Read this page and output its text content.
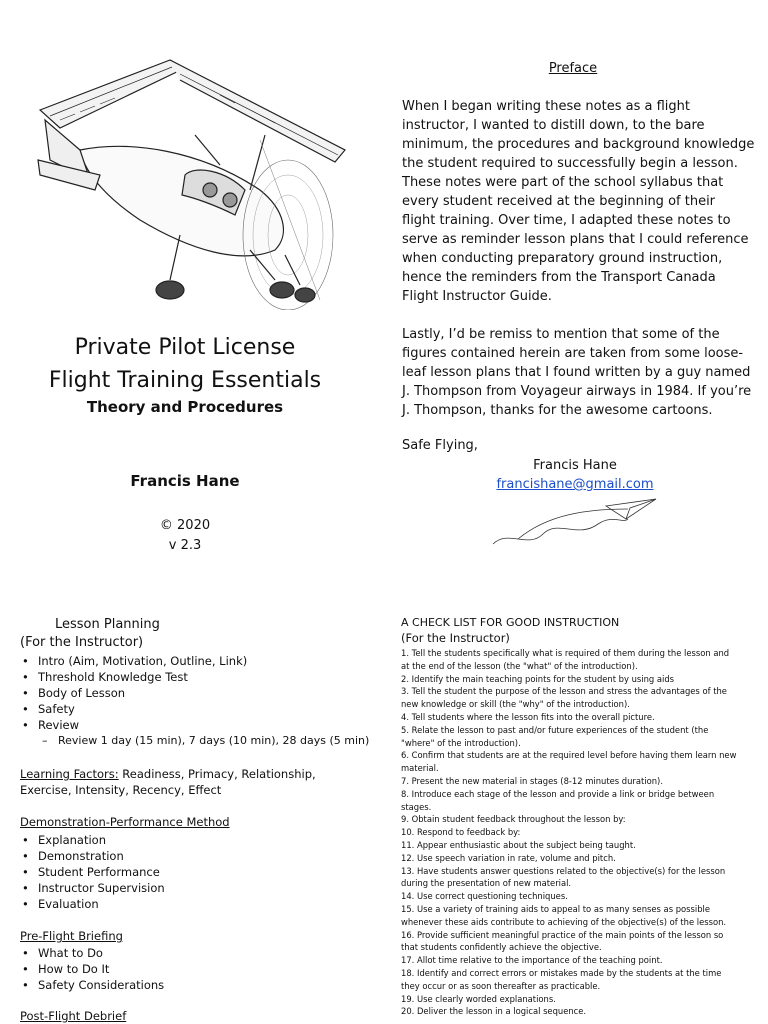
Private Pilot License
Flight Training Essentials
Theory and Procedures
Francis Hane
© 2020
v 2.3
Preface
When I began writing these notes as a flight
instructor, I wanted to distill down, to the bare
minimum, the procedures and background knowledge
the student required to successfully begin a lesson.
These notes were part of the school syllabus that
every student received at the beginning of their
flight training. Over time, I adapted these notes to
serve as reminder lesson plans that I could reference
when conducting preparatory ground instruction,
hence the reminders from the Transport Canada
Flight Instructor Guide.
Lastly, I’d be remiss to mention that some of the
figures contained herein are taken from some loose-
leaf lesson plans that I found written by a guy named
J. Thompson from Voyageur airways in 1984. If you’re
J. Thompson, thanks for the awesome cartoons.
Safe Flying,
Francis Hane
francishane@gmail.com
Lesson Planning
(For the Instructor)
• Intro (Aim, Motivation, Outline, Link)
• Threshold Knowledge Test
• Body of Lesson
• Safety
• Review
– Review 1 day (15 min), 7 days (10 min), 28 days (5 min)
Learning Factors: Readiness, Primacy, Relationship, Exercise, Intensity, Recency, Effect
Demonstration-Performance Method
• Explanation
• Demonstration
• Student Performance
• Instructor Supervision
• Evaluation
Pre-Flight Briefing
• What to Do
• How to Do It
• Safety Considerations
Post-Flight Debrief
A CHECK LIST FOR GOOD INSTRUCTION
(For the Instructor)
1. Tell the students specifically what is required of them during the lesson and
at the end of the lesson (the "what" of the introduction).
2. Identify the main teaching points for the student by using aids
3. Tell the student the purpose of the lesson and stress the advantages of the
new knowledge or skill (the "why" of the introduction).
4. Tell students where the lesson fits into the overall picture.
5. Relate the lesson to past and/or future experiences of the student (the
"where" of the introduction).
6. Confirm that students are at the required level before having them learn new
material.
7. Present the new material in stages (8-12 minutes duration).
8. Introduce each stage of the lesson and provide a link or bridge between
stages.
9. Obtain student feedback throughout the lesson by:
10. Respond to feedback by:
11. Appear enthusiastic about the subject being taught.
12. Use speech variation in rate, volume and pitch.
13. Have students answer questions related to the objective(s) for the lesson
during the presentation of new material.
14. Use correct questioning techniques.
15. Use a variety of training aids to appeal to as many senses as possible
whenever these aids contribute to achieving of the objective(s) of the lesson.
16. Provide sufficient meaningful practice of the main points of the lesson so
that students confidently achieve the objective.
17. Allot time relative to the importance of the teaching point.
18. Identify and correct errors or mistakes made by the students at the time
they occur or as soon thereafter as practicable.
19. Use clearly worded explanations.
20. Deliver the lesson in a logical sequence.
